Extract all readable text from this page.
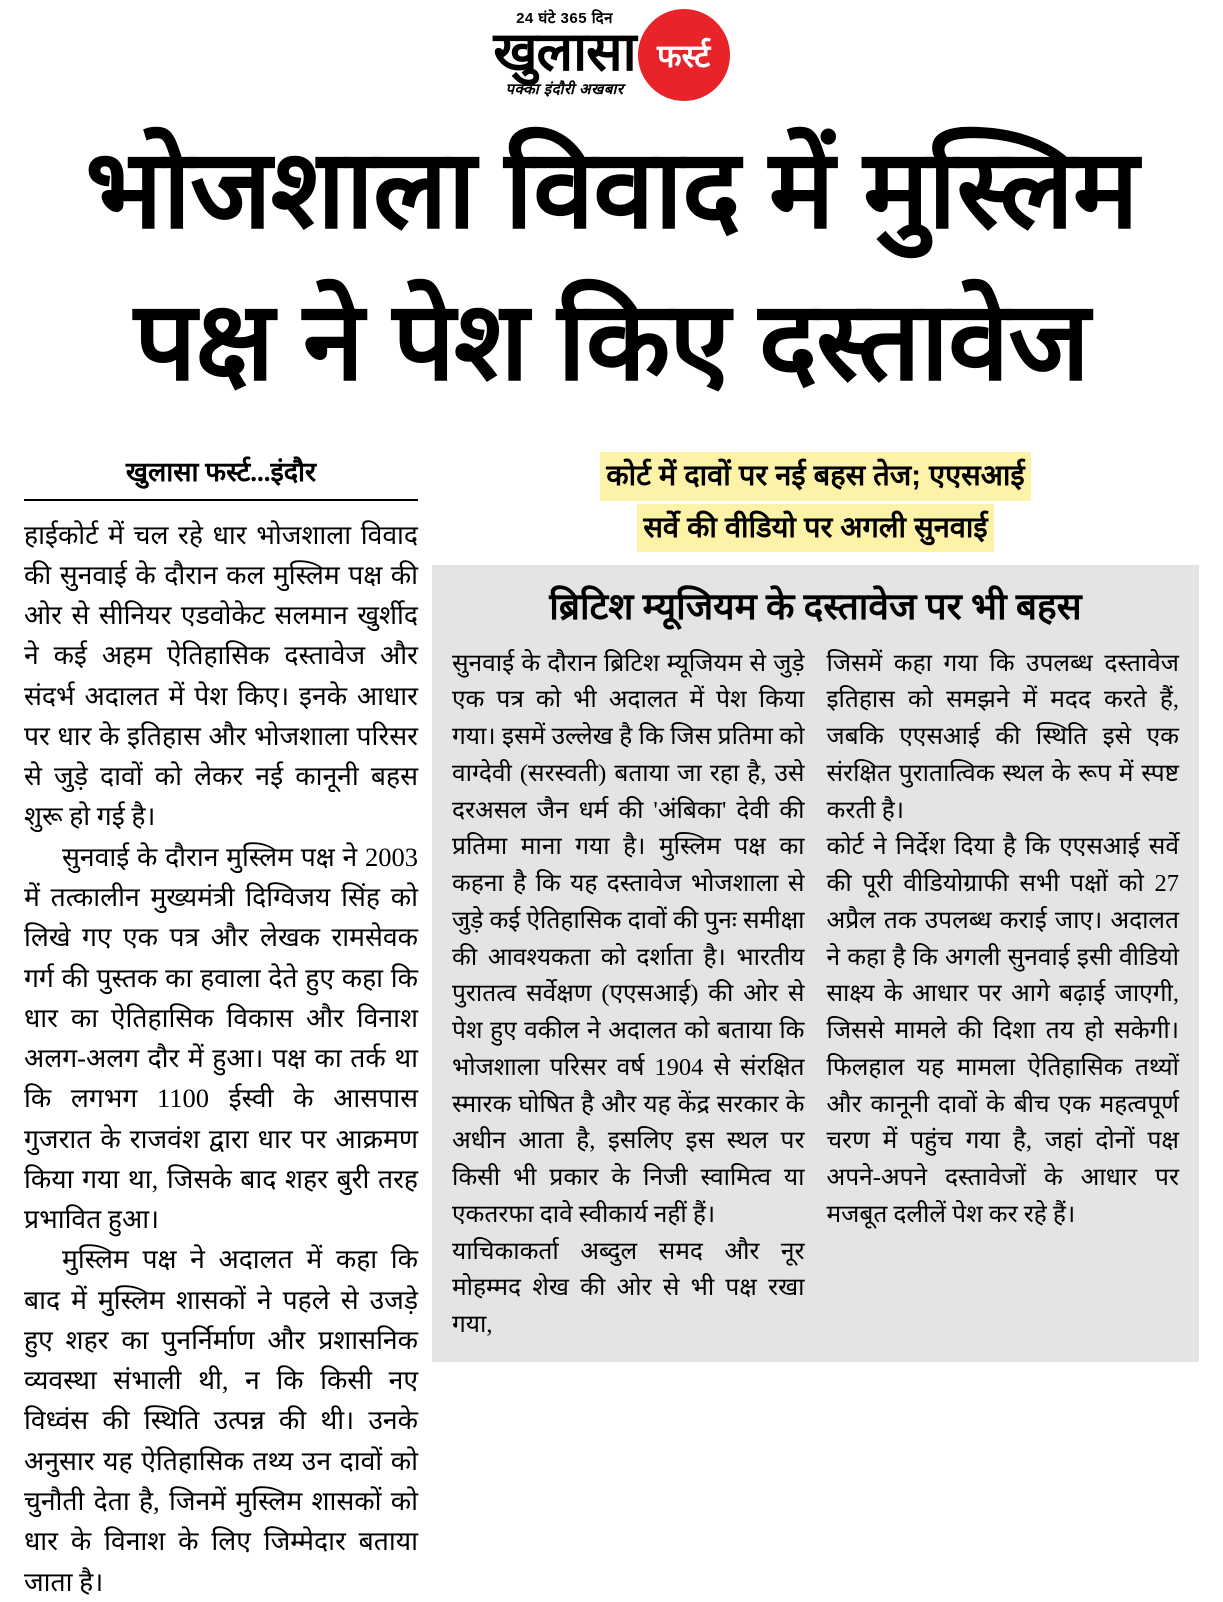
24 घंटे 365 दिन
खुलासा
पक्का इंदौरी अखबार
फर्स्ट
भोजशाला विवाद में मुस्लिम
पक्ष ने पेश किए दस्तावेज
खुलासा फर्स्ट...इंदौर

हाईकोर्ट में चल रहे धार भोजशाला विवाद की सुनवाई के दौरान कल मुस्लिम पक्ष की ओर से सीनियर एडवोकेट सलमान खुर्शीद ने कई अहम ऐतिहासिक दस्तावेज और संदर्भ अदालत में पेश किए। इनके आधार पर धार के इतिहास और भोजशाला परिसर से जुड़े दावों को लेकर नई कानूनी बहस शुरू हो गई है।

सुनवाई के दौरान मुस्लिम पक्ष ने 2003 में तत्कालीन मुख्यमंत्री दिग्विजय सिंह को लिखे गए एक पत्र और लेखक रामसेवक गर्ग की पुस्तक का हवाला देते हुए कहा कि धार का ऐतिहासिक विकास और विनाश अलग-अलग दौर में हुआ। पक्ष का तर्क था कि लगभग 1100 ईस्वी के आसपास गुजरात के राजवंश द्वारा धार पर आक्रमण किया गया था, जिसके बाद शहर बुरी तरह प्रभावित हुआ।

मुस्लिम पक्ष ने अदालत में कहा कि बाद में मुस्लिम शासकों ने पहले से उजड़े हुए शहर का पुनर्निर्माण और प्रशासनिक व्यवस्था संभाली थी, न कि किसी नए विध्वंस की स्थिति उत्पन्न की थी। उनके अनुसार यह ऐतिहासिक तथ्य उन दावों को चुनौती देता है, जिनमें मुस्लिम शासकों को धार के विनाश के लिए जिम्मेदार बताया जाता है।

कोर्ट में दावों पर नई बहस तेज; एएसआई
सर्वे की वीडियो पर अगली सुनवाई
ब्रिटिश म्यूजियम के दस्तावेज पर भी बहस

सुनवाई के दौरान ब्रिटिश म्यूजियम से जुड़े एक पत्र को भी अदालत में पेश किया गया। इसमें उल्लेख है कि जिस प्रतिमा को वाग्देवी (सरस्वती) बताया जा रहा है, उसे दरअसल जैन धर्म की 'अंबिका' देवी की प्रतिमा माना गया है। मुस्लिम पक्ष का कहना है कि यह दस्तावेज भोजशाला से जुड़े कई ऐतिहासिक दावों की पुनः समीक्षा की आवश्यकता को दर्शाता है। भारतीय पुरातत्व सर्वेक्षण (एएसआई) की ओर से पेश हुए वकील ने अदालत को बताया कि भोजशाला परिसर वर्ष 1904 से संरक्षित स्मारक घोषित है और यह केंद्र सरकार के अधीन आता है, इसलिए इस स्थल पर किसी भी प्रकार के निजी स्वामित्व या एकतरफा दावे स्वीकार्य नहीं हैं।

याचिकाकर्ता अब्दुल समद और नूर मोहम्मद शेख की ओर से भी पक्ष रखा गया,

जिसमें कहा गया कि उपलब्ध दस्तावेज इतिहास को समझने में मदद करते हैं, जबकि एएसआई की स्थिति इसे एक संरक्षित पुरातात्विक स्थल के रूप में स्पष्ट करती है।

कोर्ट ने निर्देश दिया है कि एएसआई सर्वे की पूरी वीडियोग्राफी सभी पक्षों को 27 अप्रैल तक उपलब्ध कराई जाए। अदालत ने कहा है कि अगली सुनवाई इसी वीडियो साक्ष्य के आधार पर आगे बढ़ाई जाएगी, जिससे मामले की दिशा तय हो सकेगी। फिलहाल यह मामला ऐतिहासिक तथ्यों और कानूनी दावों के बीच एक महत्वपूर्ण चरण में पहुंच गया है, जहां दोनों पक्ष अपने-अपने दस्तावेजों के आधार पर मजबूत दलीलें पेश कर रहे हैं।
